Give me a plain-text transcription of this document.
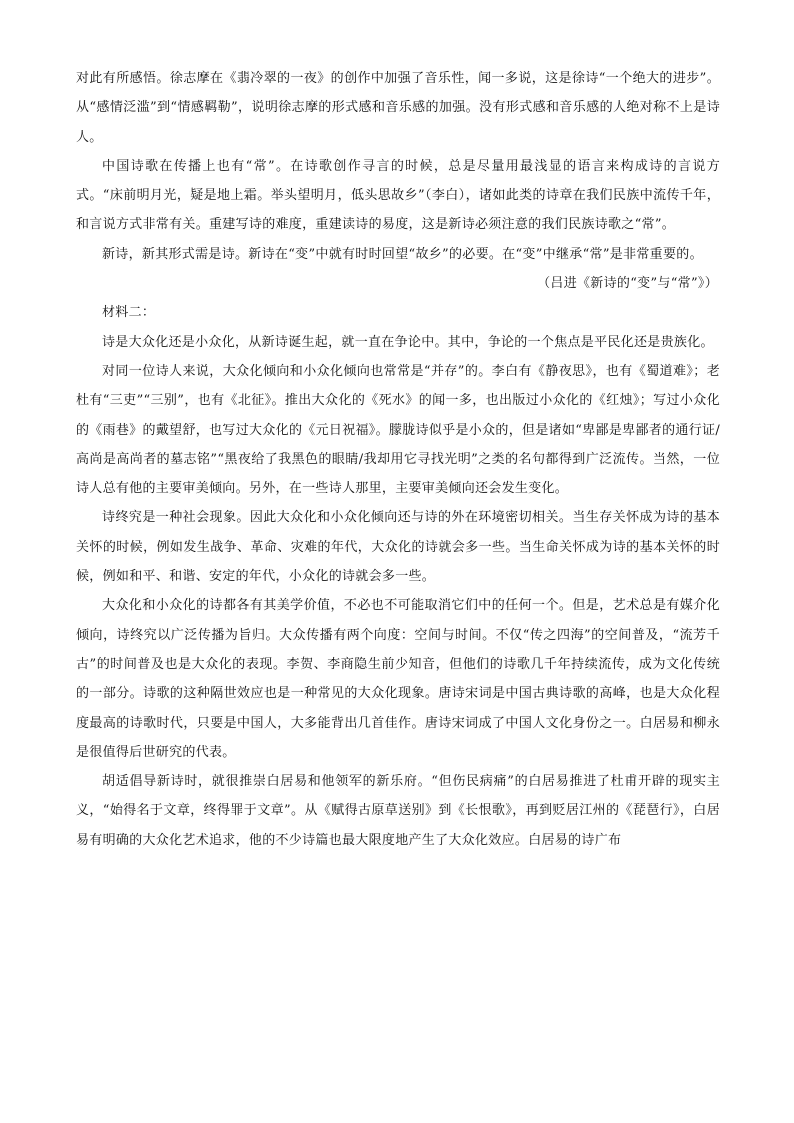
对此有所感悟。徐志摩在《翡冷翠的一夜》的创作中加强了音乐性，闻一多说，这是徐诗“一个绝大的进步”。从“感情泛滥”到“情感羁勒”，说明徐志摩的形式感和音乐感的加强。没有形式感和音乐感的人绝对称不上是诗人。

中国诗歌在传播上也有“常”。在诗歌创作寻言的时候，总是尽量用最浅显的语言来构成诗的言说方式。“床前明月光，疑是地上霜。举头望明月，低头思故乡”（李白），诸如此类的诗章在我们民族中流传千年，和言说方式非常有关。重建写诗的难度，重建读诗的易度，这是新诗必须注意的我们民族诗歌之“常”。

新诗，新其形式需是诗。新诗在“变”中就有时时回望“故乡”的必要。在“变”中继承“常”是非常重要的。

（吕进《新诗的“变”与“常”》）

材料二：

诗是大众化还是小众化，从新诗诞生起，就一直在争论中。其中，争论的一个焦点是平民化还是贵族化。

对同一位诗人来说，大众化倾向和小众化倾向也常常是“并存”的。李白有《静夜思》，也有《蜀道难》；老杜有“三吏”“三别”，也有《北征》。推出大众化的《死水》的闻一多，也出版过小众化的《红烛》；写过小众化的《雨巷》的戴望舒，也写过大众化的《元日祝福》。朦胧诗似乎是小众的，但是诸如“卑鄙是卑鄙者的通行证/高尚是高尚者的墓志铭”“黑夜给了我黑色的眼睛/我却用它寻找光明”之类的名句都得到广泛流传。当然，一位诗人总有他的主要审美倾向。另外，在一些诗人那里，主要审美倾向还会发生变化。

诗终究是一种社会现象。因此大众化和小众化倾向还与诗的外在环境密切相关。当生存关怀成为诗的基本关怀的时候，例如发生战争、革命、灾难的年代，大众化的诗就会多一些。当生命关怀成为诗的基本关怀的时候，例如和平、和谐、安定的年代，小众化的诗就会多一些。

大众化和小众化的诗都各有其美学价值，不必也不可能取消它们中的任何一个。但是，艺术总是有媒介化倾向，诗终究以广泛传播为旨归。大众传播有两个向度：空间与时间。不仅“传之四海”的空间普及，“流芳千古”的时间普及也是大众化的表现。李贺、李商隐生前少知音，但他们的诗歌几千年持续流传，成为文化传统的一部分。诗歌的这种隔世效应也是一种常见的大众化现象。唐诗宋词是中国古典诗歌的高峰，也是大众化程度最高的诗歌时代，只要是中国人，大多能背出几首佳作。唐诗宋词成了中国人文化身份之一。白居易和柳永是很值得后世研究的代表。

胡适倡导新诗时，就很推崇白居易和他领军的新乐府。“但伤民病痛”的白居易推进了杜甫开辟的现实主义，“始得名于文章，终得罪于文章”。从《赋得古原草送别》到《长恨歌》，再到贬居江州的《琵琶行》，白居易有明确的大众化艺术追求，他的不少诗篇也最大限度地产生了大众化效应。白居易的诗广布
